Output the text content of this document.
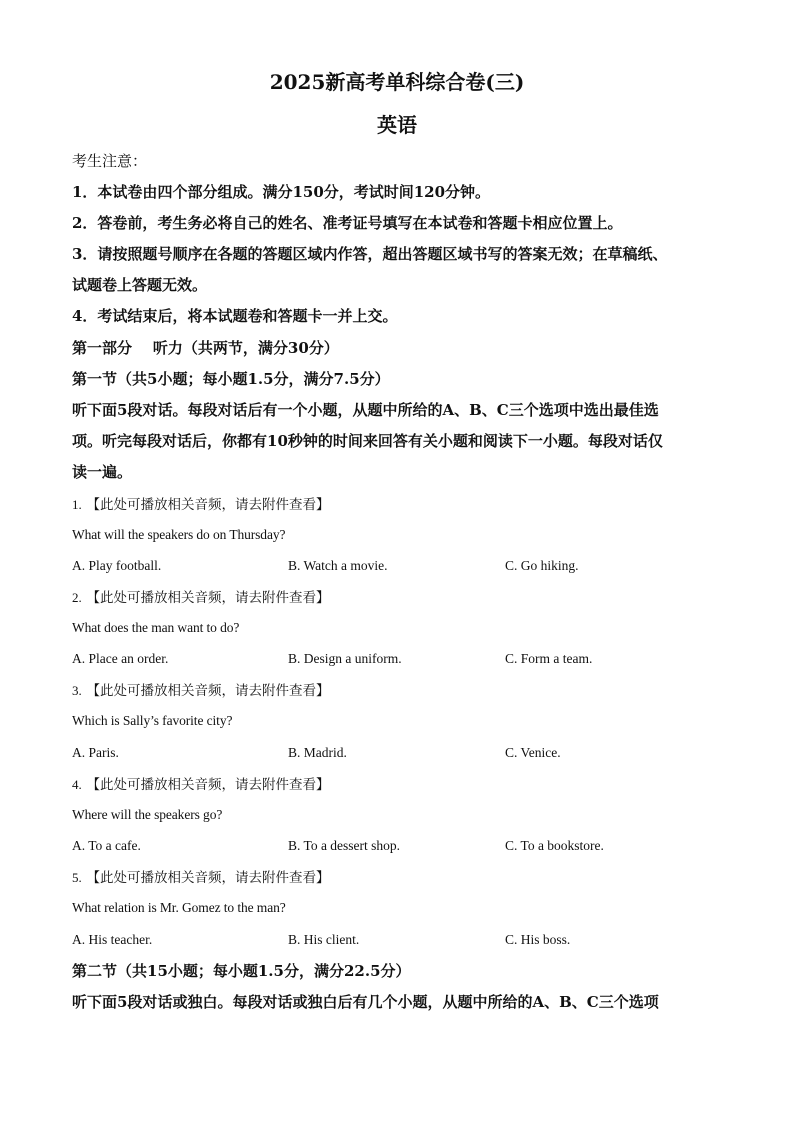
2025新高考单科综合卷(三)
英语
考生注意：
1．本试卷由四个部分组成。满分150分，考试时间120分钟。
2．答卷前，考生务必将自己的姓名、准考证号填写在本试卷和答题卡相应位置上。
3．请按照题号顺序在各题的答题区域内作答，超出答题区域书写的答案无效；在草稿纸、
试题卷上答题无效。
4．考试结束后，将本试题卷和答题卡一并上交。
第一部分    听力（共两节，满分30分）
第一节（共5小题；每小题1.5分，满分7.5分）
听下面5段对话。每段对话后有一个小题，从题中所给的A、B、C三个选项中选出最佳选
项。听完每段对话后，你都有10秒钟的时间来回答有关小题和阅读下一小题。每段对话仅
读一遍。
1. 【此处可播放相关音频，请去附件查看】
What will the speakers do on Thursday?
A. Play football.	B. Watch a movie.	C. Go hiking.
2. 【此处可播放相关音频，请去附件查看】
What does the man want to do?
A. Place an order.	B. Design a uniform.	C. Form a team.
3. 【此处可播放相关音频，请去附件查看】
Which is Sally’s favorite city?
A. Paris.	B. Madrid.	C. Venice.
4. 【此处可播放相关音频，请去附件查看】
Where will the speakers go?
A. To a cafe.	B. To a dessert shop.	C. To a bookstore.
5. 【此处可播放相关音频，请去附件查看】
What relation is Mr. Gomez to the man?
A. His teacher.	B. His client.	C. His boss.
第二节（共15小题；每小题1.5分，满分22.5分）
听下面5段对话或独白。每段对话或独白后有几个小题，从题中所给的A、B、C三个选项
